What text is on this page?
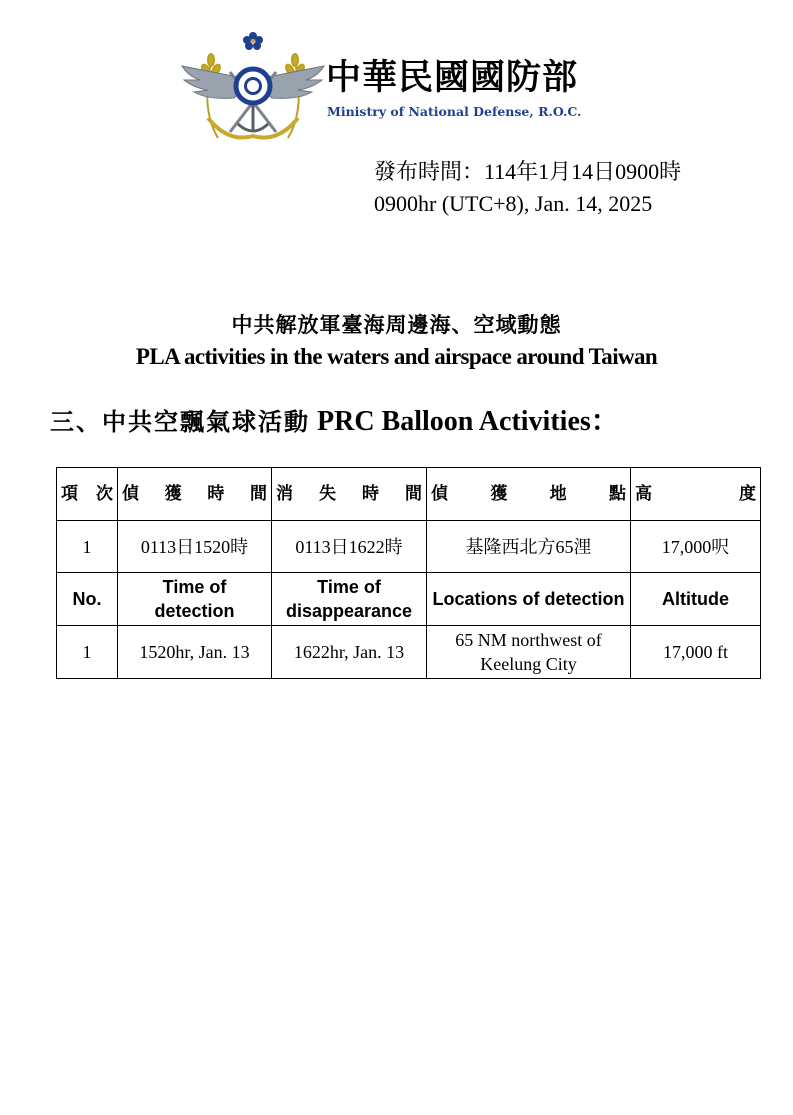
中華民國國防部
Ministry of National Defense, R.O.C.
發布時間：114年1月14日0900時
0900hr (UTC+8), Jan. 14, 2025
中共解放軍臺海周邊海、空域動態
PLA activities in the waters and airspace around Taiwan
三、中共空飄氣球活動 PRC Balloon Activities：
項次	偵獲時間	消失時間	偵獲地點	高度
1	0113日1520時	0113日1622時	基隆西北方65浬	17,000呎
No.	Time of detection	Time of disappearance	Locations of detection	Altitude
1	1520hr, Jan. 13	1622hr, Jan. 13	65 NM northwest of Keelung City	17,000 ft
